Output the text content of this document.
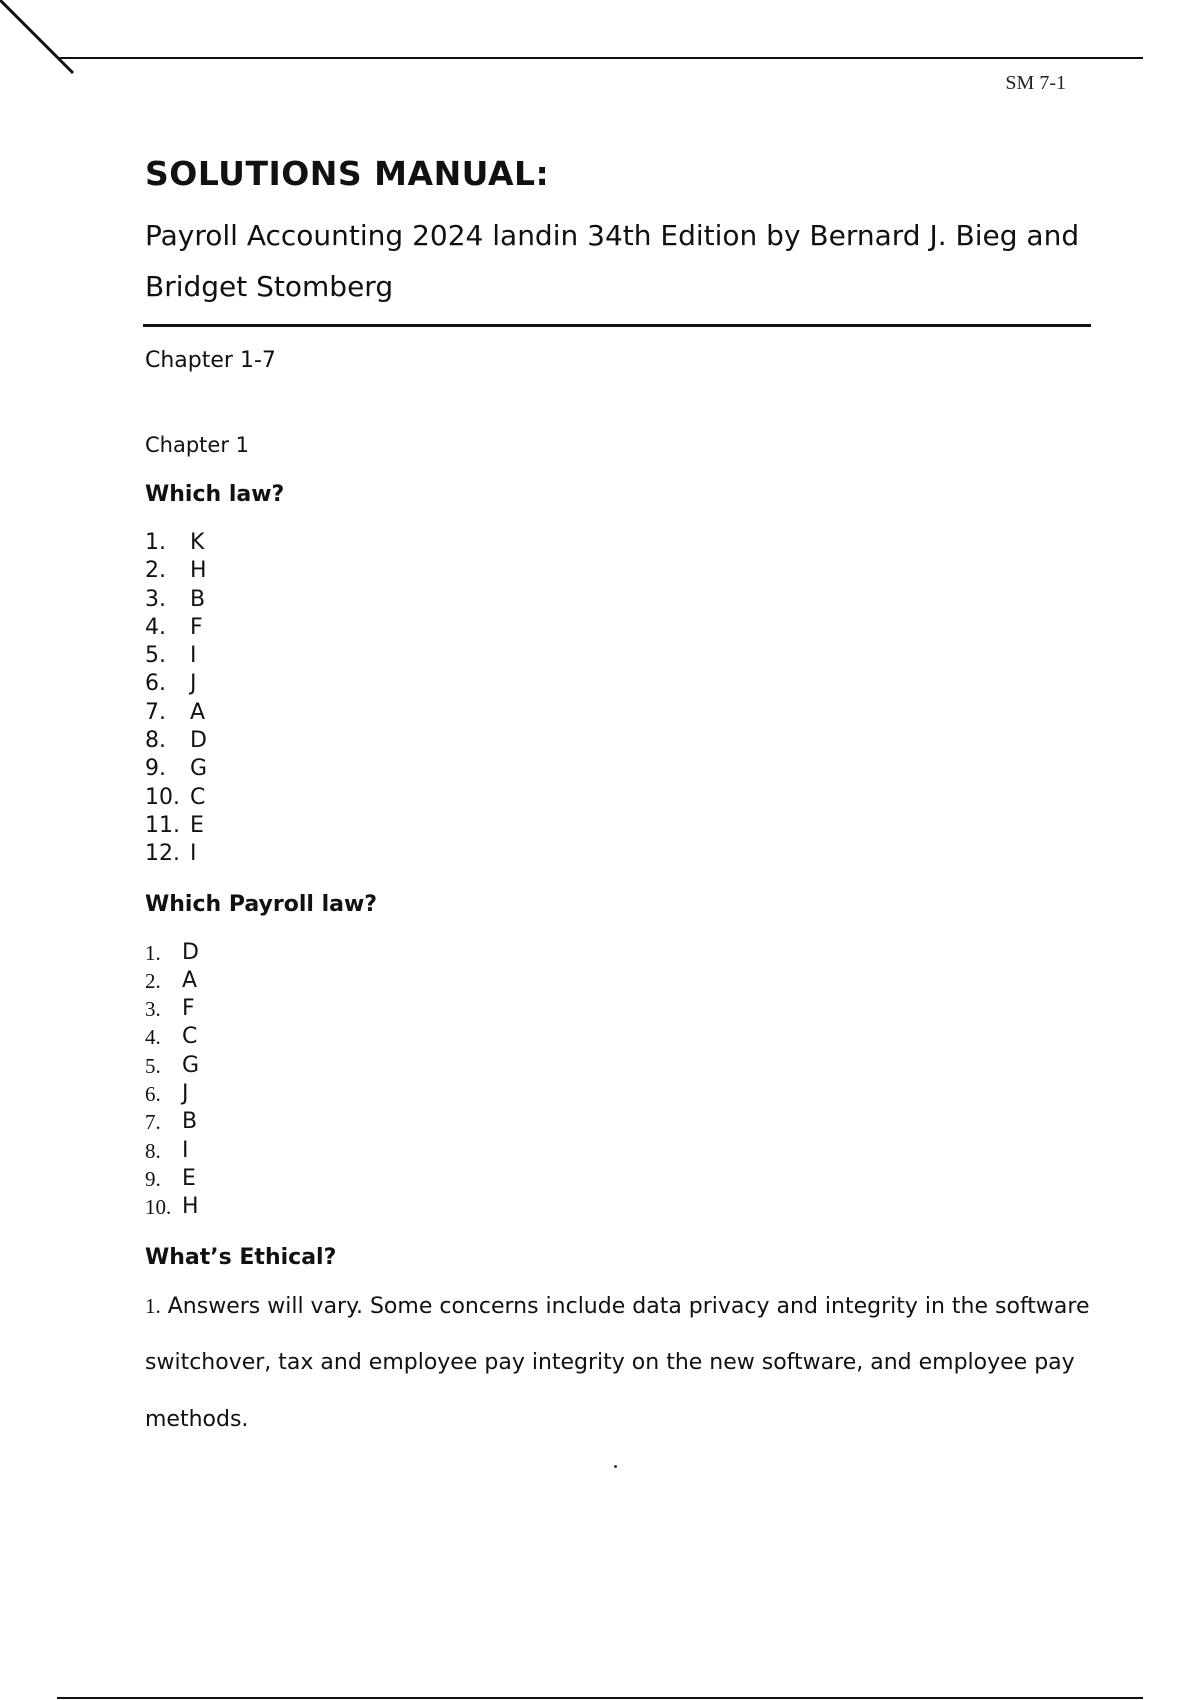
SM 7-1
SOLUTIONS MANUAL:

Payroll Accounting 2024 landin 34th Edition by Bernard J. Bieg and Bridget Stomberg

Chapter 1-7
Chapter 1
Which law?
1.	K
2.	H
3.	B
4.	F
5.	I
6.	J
7.	A
8.	D
9.	G
10. C
11. E
12. I
Which Payroll law?
1. D
2. A
3. F
4. C
5. G
6. J
7. B
8. I
9. E
10. H
What’s Ethical?

1. Answers will vary. Some concerns include data privacy and integrity in the software switchover, tax and employee pay integrity on the new software, and employee pay methods.
